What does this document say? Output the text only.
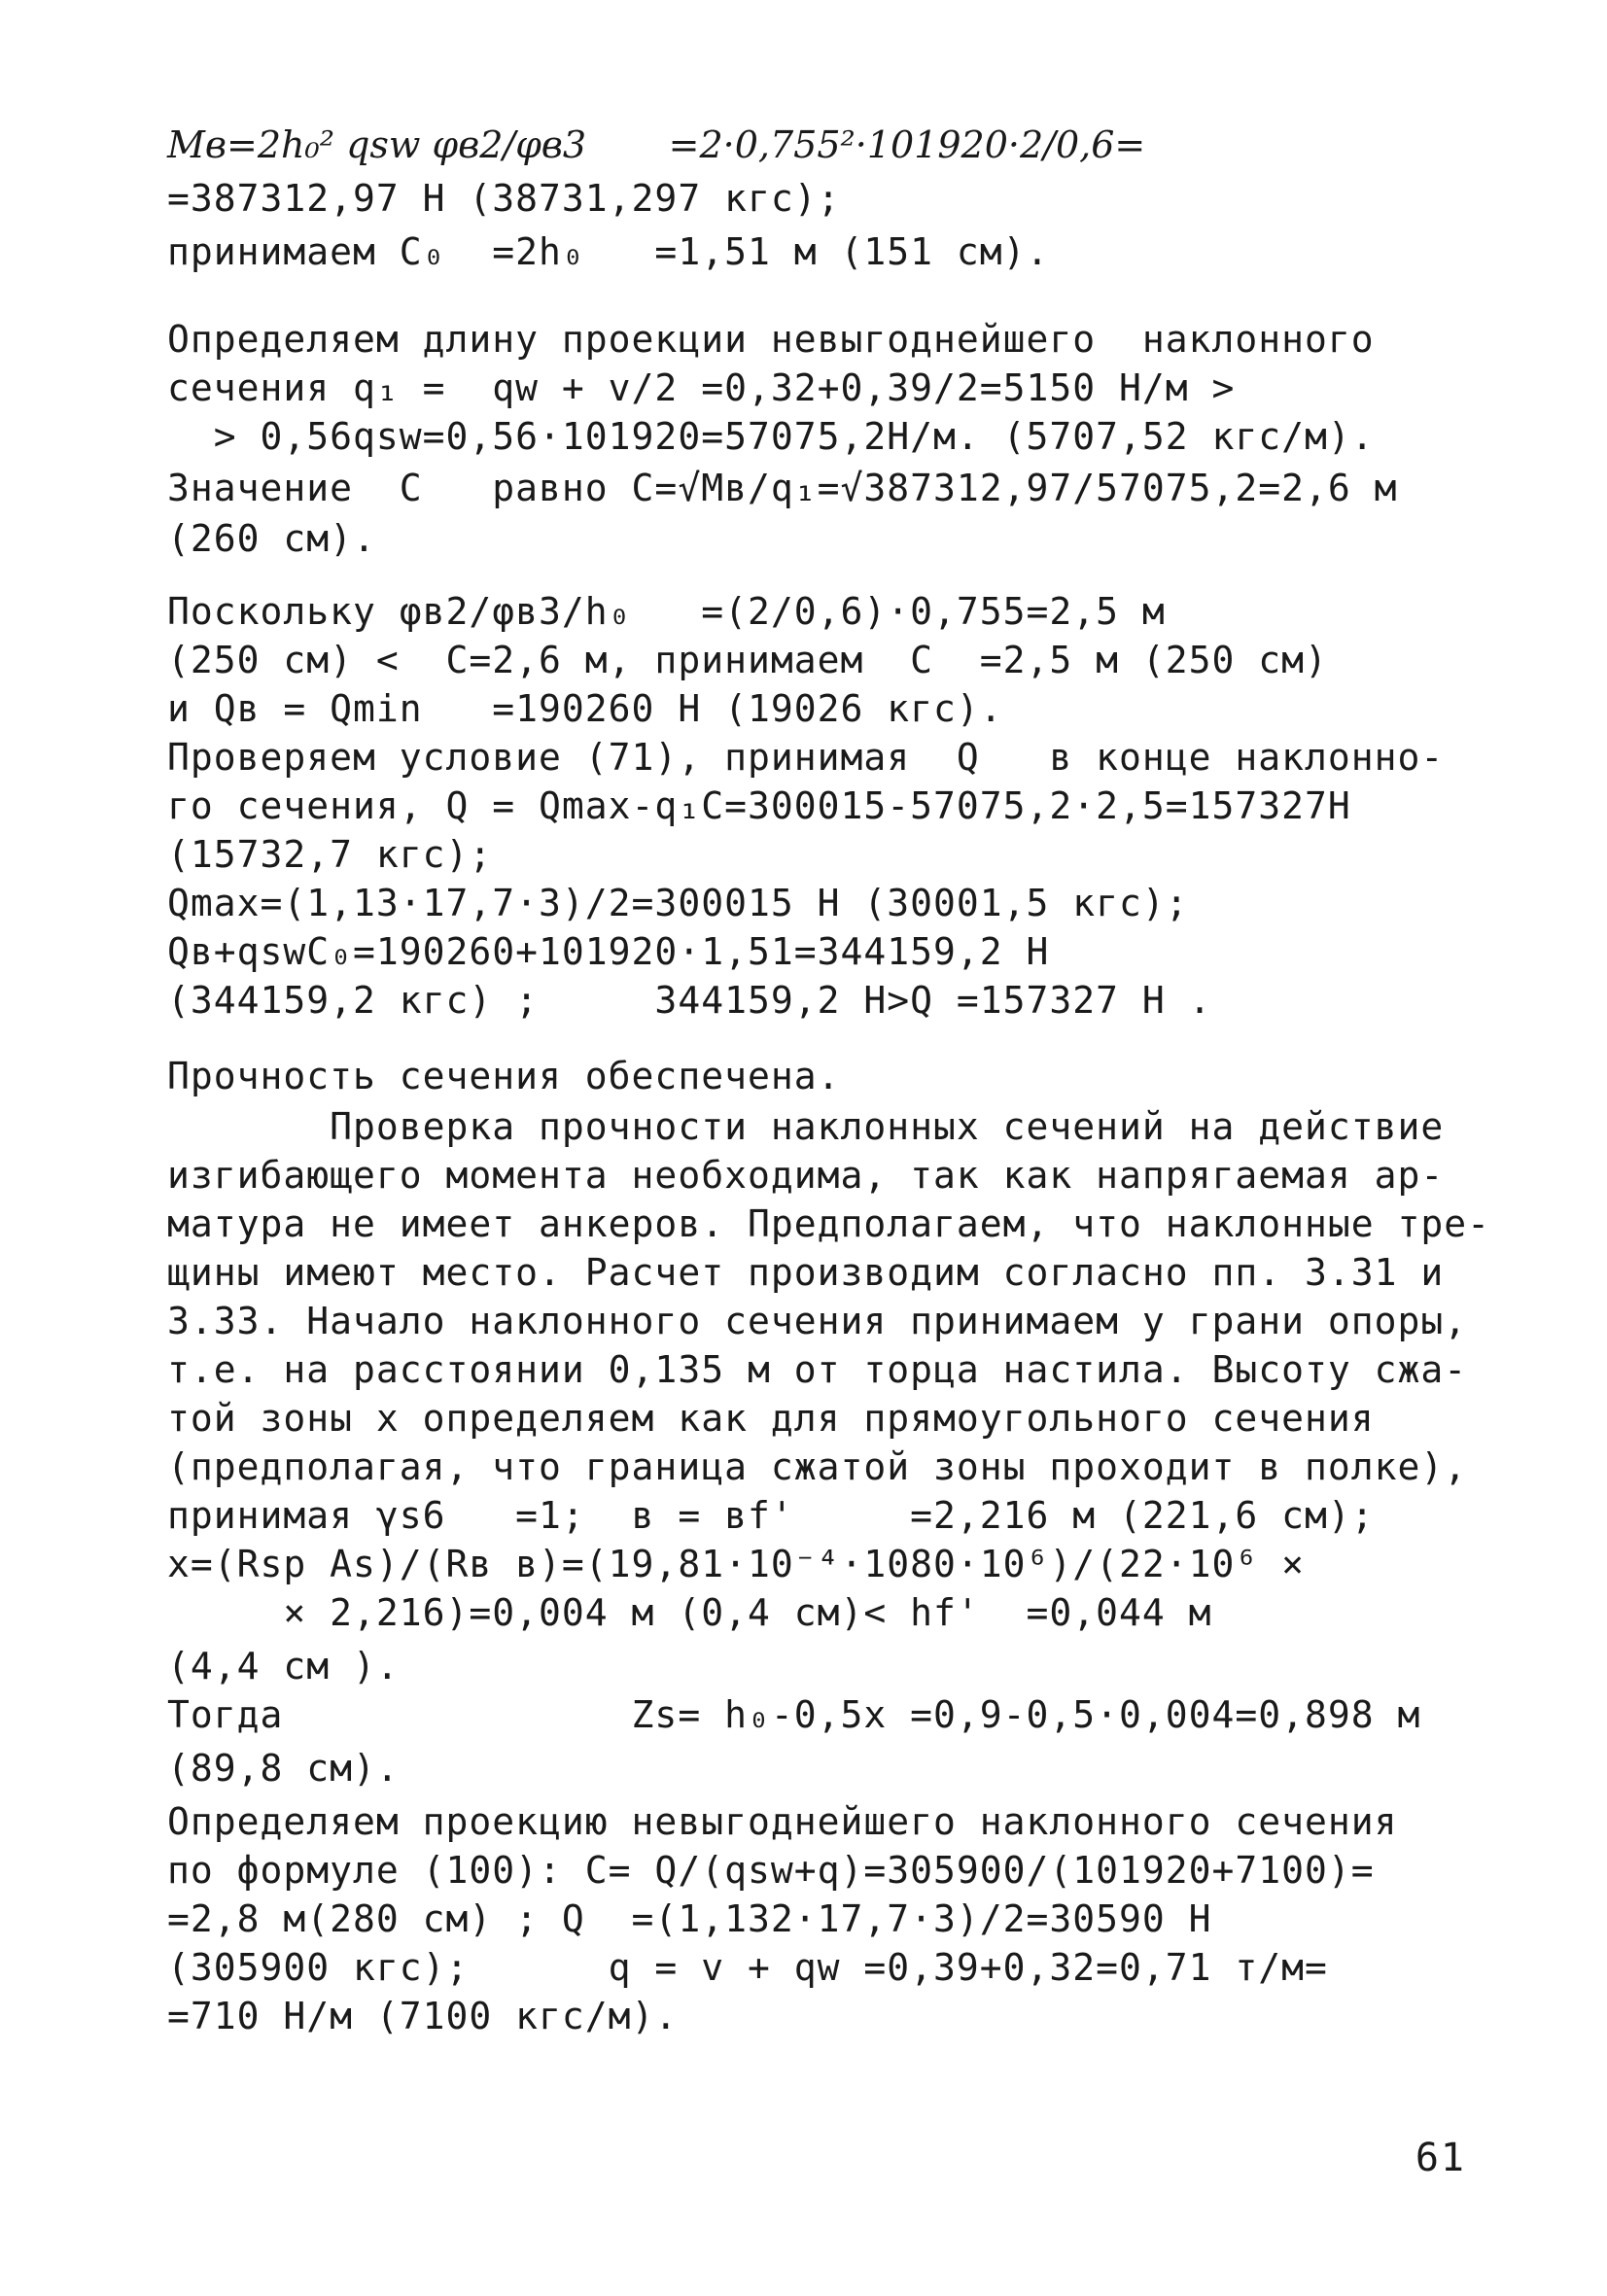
Mв=2h₀² qsw φв2/φв3       =2·0,755²·101920·2/0,6=
=387312,97 Н (38731,297 кгс);
принимаем C₀  =2h₀   =1,51 м (151 см).
Определяем длину проекции невыгоднейшего  наклонного
сечения q₁ =  qw + v/2 =0,32+0,39/2=5150 Н/м >
> 0,56qsw=0,56·101920=57075,2Н/м. (5707,52 кгс/м).
Значение  C   равно C=√Mв/q₁=√387312,97/57075,2=2,6 м
(260 см).
Поскольку φв2/φв3/h₀   =(2/0,6)·0,755=2,5 м
(250 см) <  С=2,6 м, принимаем  C  =2,5 м (250 см)
и Qв = Qmin   =190260 Н (19026 кгс).
Проверяем условие (71), принимая  Q   в конце наклонно-
го сечения, Q = Qmax-q₁C=300015-57075,2·2,5=157327Н
(15732,7 кгс);
Qmax=(1,13·17,7·3)/2=300015 Н (30001,5 кгс);
Qв+qswC₀=190260+101920·1,51=344159,2 Н
(344159,2 кгс) ;     344159,2 Н>Q =157327 Н .
Прочность сечения обеспечена.
Проверка прочности наклонных сечений на действие
изгибающего момента необходима, так как напрягаемая ар-
матура не имеет анкеров. Предполагаем, что наклонные тре-
щины имеют место. Расчет производим согласно пп. 3.31 и
3.33. Начало наклонного сечения принимаем у грани опоры,
т.е. на расстоянии 0,135 м от торца настила. Высоту сжа-
той зоны х определяем как для прямоугольного сечения
(предполагая, что граница сжатой зоны проходит в полке),
принимая γs6   =1;  в = вf'     =2,216 м (221,6 см);
x=(Rsp As)/(Rв в)=(19,81·10⁻⁴·1080·10⁶)/(22·10⁶ ×
× 2,216)=0,004 м (0,4 см)< hf'  =0,044 м
(4,4 см ).
Тогда               Zs= h₀-0,5x =0,9-0,5·0,004=0,898 м
(89,8 см).
Определяем проекцию невыгоднейшего наклонного сечения
по формуле (100): C= Q/(qsw+q)=305900/(101920+7100)=
=2,8 м(280 см) ; Q  =(1,132·17,7·3)/2=30590 Н
(305900 кгс);      q = v + qw =0,39+0,32=0,71 т/м=
=710 Н/м (7100 кгс/м).
61
